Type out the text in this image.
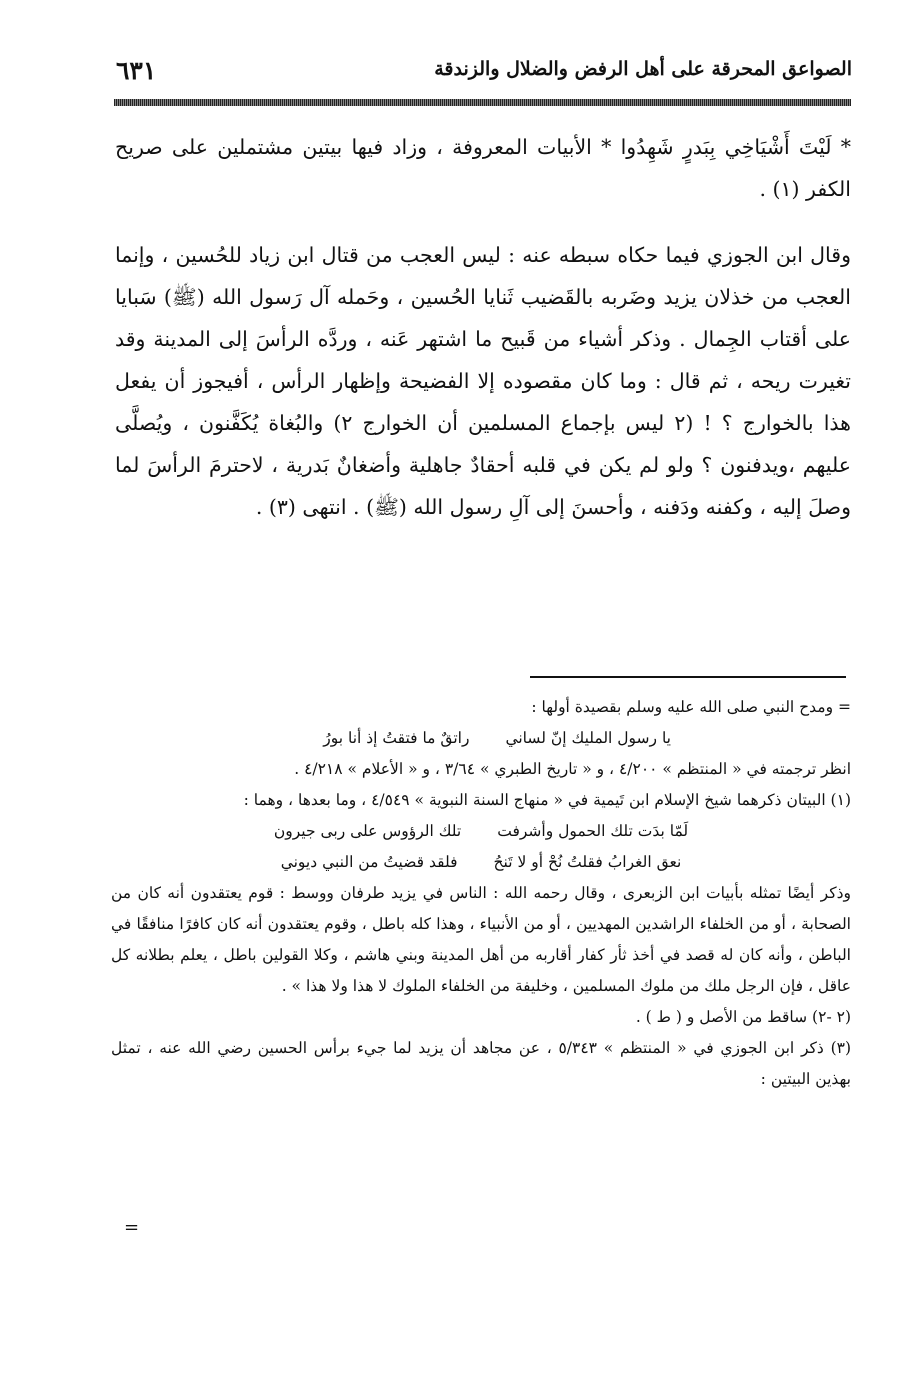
الصواعق المحرقة على أهل الرفض والضلال والزندقة
٦٣١

* لَيْتَ أَشْيَاخِي بِبَدرٍ شَهِدُوا * الأبيات المعروفة ، وزاد فيها بيتين مشتملين على صريح الكفر (١) .

وقال ابن الجوزي فيما حكاه سبطه عنه : ليس العجب من قتال ابن زياد للحُسين ، وإنما العجب من خذلان يزيد وضَربه بالقَضيب ثَنايا الحُسين ، وحَمله آل رَسول الله (ﷺ) سَبايا على أقتاب الجِمال . وذكر أشياء من قَبيح ما اشتهر عَنه ، وردَّه الرأسَ إلى المدينة وقد تغيرت ريحه ، ثم قال : وما كان مقصوده إلا الفضيحة وإظهار الرأس ، أفيجوز أن يفعل هذا بالخوارج ؟ ! (٢ ليس بإجماع المسلمين أن الخوارج ٢) والبُغاة يُكَفَّنون ، ويُصلَّى عليهم ،ويدفنون ؟ ولو لم يكن في قلبه أحقادٌ جاهلية وأضغانٌ بَدرية ، لاحترمَ الرأسَ لما وصلَ إليه ، وكفنه ودَفنه ، وأحسنَ إلى آلِ رسول الله (ﷺ) . انتهى (٣) .

= ومدح النبي صلى الله عليه وسلم بقصيدة أولها :

يا رسول المليك إنّ لساني
راتقٌ ما فتقتُ إذ أنا بورُ

انظر ترجمته في « المنتظم » ٤/٢٠٠ ، و « تاريخ الطبري » ٣/٦٤ ، و « الأعلام » ٤/٢١٨ .

(١) البيتان ذكرهما شيخ الإسلام ابن تَيمية في « منهاج السنة النبوية » ٤/٥٤٩ ، وما بعدها ، وهما :

لَمّا بدَت تلك الحمول وأشرفت
تلك الرؤوس على ربى جيرون
نعق الغرابُ فقلتُ نُحْ أو لا تَنحُ
فلقد قضيتُ من النبي ديوني

وذكر أيضًا تمثله بأبيات ابن الزبعرى ، وقال رحمه الله : الناس في يزيد طرفان ووسط : قوم يعتقدون أنه كان من الصحابة ، أو من الخلفاء الراشدين المهديين ، أو من الأنبياء ، وهذا كله باطل ، وقوم يعتقدون أنه كان كافرًا منافقًا في الباطن ، وأنه كان له قصد في أخذ ثأر كفار أقاربه من أهل المدينة وبني هاشم ، وكلا القولين باطل ، يعلم بطلانه كل عاقل ، فإن الرجل ملك من ملوك المسلمين ، وخليفة من الخلفاء الملوك لا هذا ولا هذا » .

(٢ -٢) ساقط من الأصل و ( ط ) .

(٣) ذكر ابن الجوزي في « المنتظم » ٥/٣٤٣ ، عن مجاهد أن يزيد لما جيء برأس الحسين رضي الله عنه ، تمثل بهذين البيتين :

=
